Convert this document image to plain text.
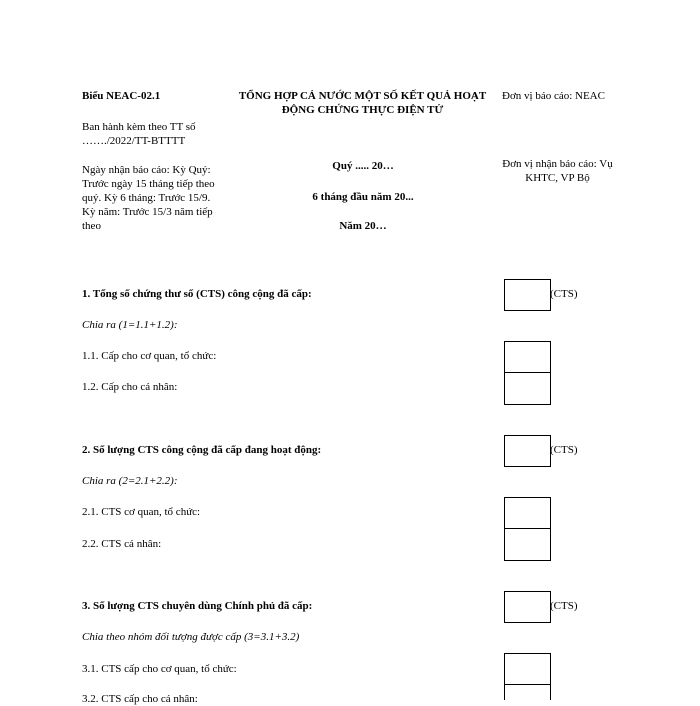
Biểu NEAC-02.1	TỔNG HỢP CẢ NƯỚC MỘT SỐ KẾT QUẢ HOẠT
ĐỘNG CHỨNG THỰC ĐIỆN TỬ
Đơn vị báo cáo: NEAC
Ban hành kèm theo TT số
……./2022/TT-BTTTT
Ngày nhận báo cáo: Kỳ Quý:
Trước ngày 15 tháng tiếp theo
quý. Kỳ 6 tháng: Trước 15/9.
Kỳ năm: Trước 15/3 năm tiếp
theo
Quý ..... 20…
6 tháng đầu năm 20...
Năm 20…
Đơn vị nhận báo cáo: Vụ
KHTC, VP Bộ
1. Tổng số chứng thư số (CTS) công cộng đã cấp:	(CTS)
Chia ra (1=1.1+1.2):
1.1. Cấp cho cơ quan, tổ chức:
1.2. Cấp cho cá nhân:
2. Số lượng CTS công cộng đã cấp đang hoạt động:	(CTS)
Chia ra (2=2.1+2.2):
2.1. CTS cơ quan, tổ chức:
2.2. CTS cá nhân:
3. Số lượng CTS chuyên dùng Chính phủ đã cấp:	(CTS)
Chia theo nhóm đối tượng được cấp (3=3.1+3.2)
3.1. CTS cấp cho cơ quan, tổ chức:
3.2. CTS cấp cho cá nhân:
